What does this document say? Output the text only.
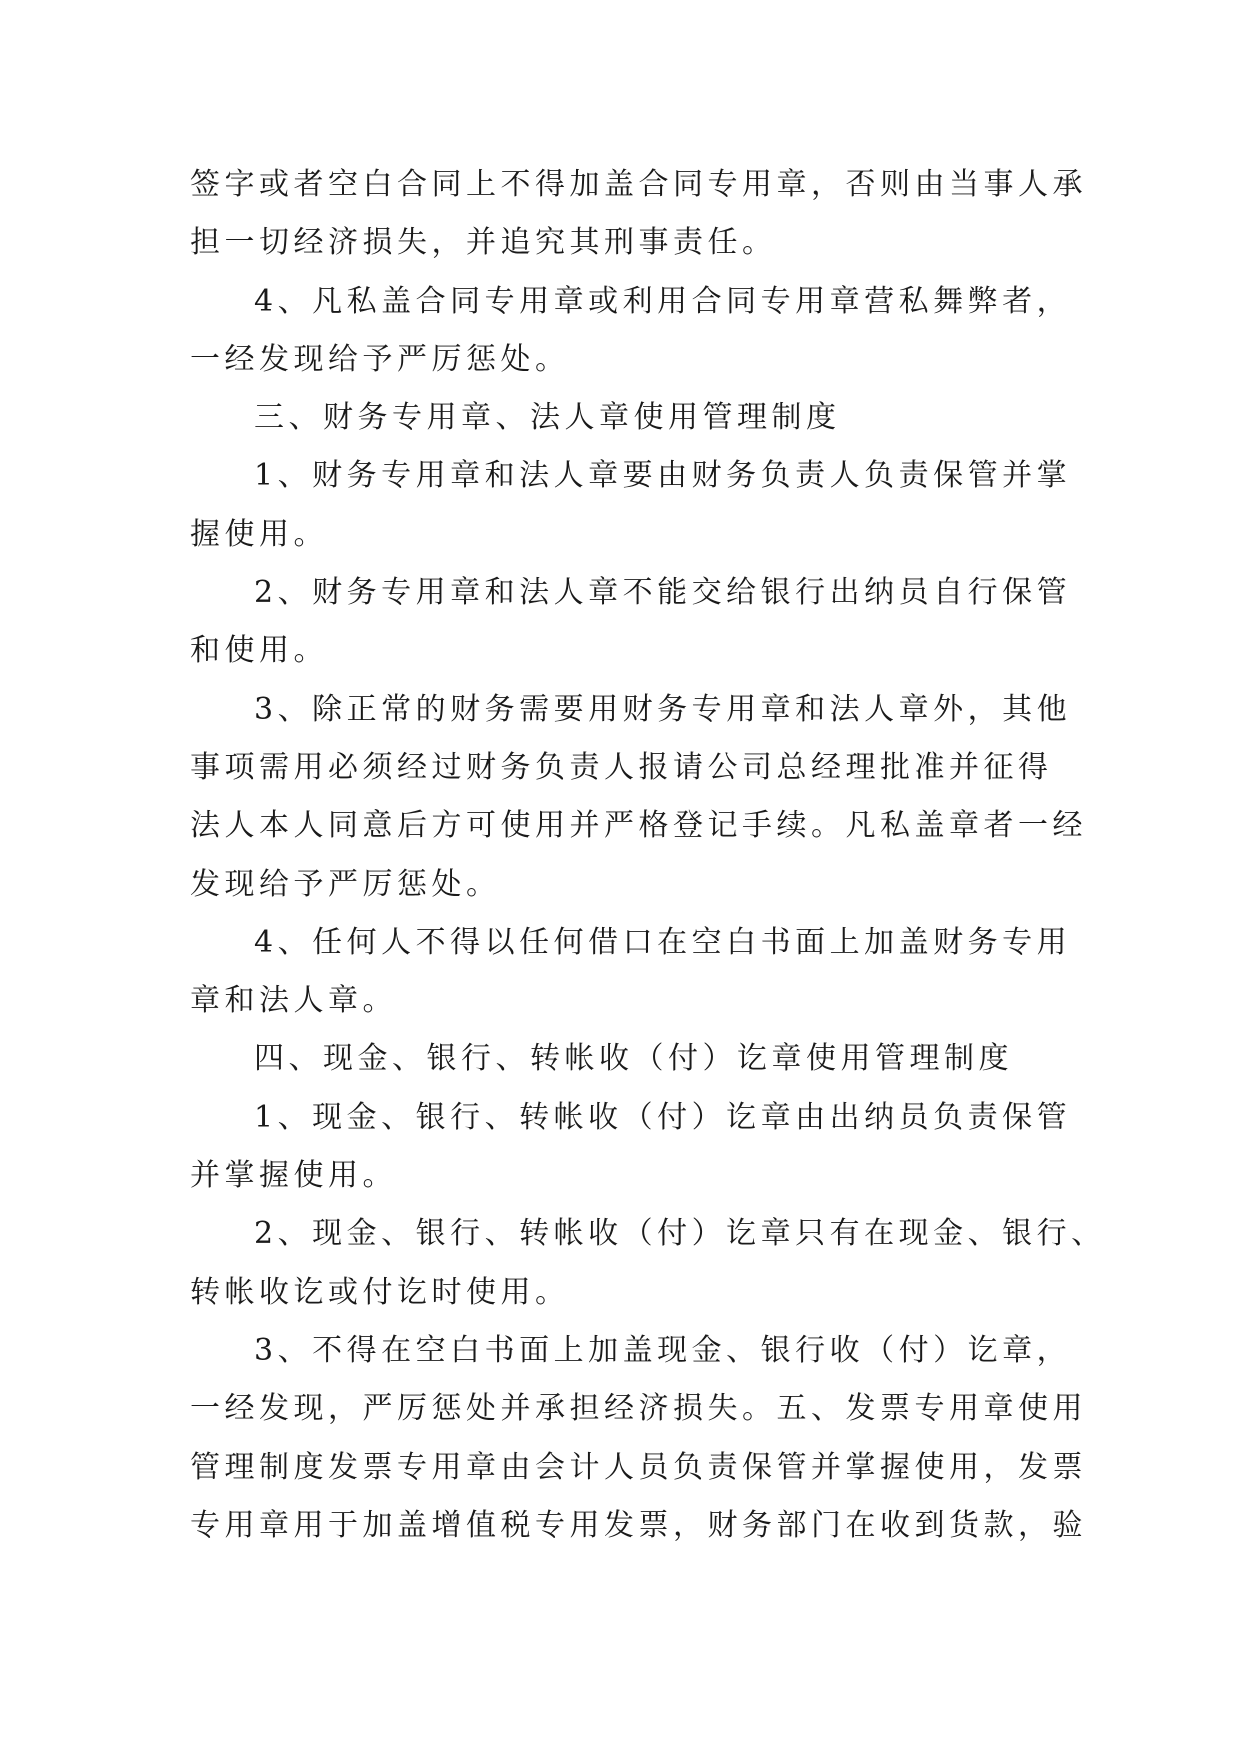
签字或者空白合同上不得加盖合同专用章，否则由当事人承
担一切经济损失，并追究其刑事责任。
4、凡私盖合同专用章或利用合同专用章营私舞弊者，
一经发现给予严厉惩处。
三、财务专用章、法人章使用管理制度
1、财务专用章和法人章要由财务负责人负责保管并掌
握使用。
2、财务专用章和法人章不能交给银行出纳员自行保管
和使用。
3、除正常的财务需要用财务专用章和法人章外，其他
事项需用必须经过财务负责人报请公司总经理批准并征得
法人本人同意后方可使用并严格登记手续。凡私盖章者一经
发现给予严厉惩处。
4、任何人不得以任何借口在空白书面上加盖财务专用
章和法人章。
四、现金、银行、转帐收（付）讫章使用管理制度
1、现金、银行、转帐收（付）讫章由出纳员负责保管
并掌握使用。
2、现金、银行、转帐收（付）讫章只有在现金、银行、
转帐收讫或付讫时使用。
3、不得在空白书面上加盖现金、银行收（付）讫章，
一经发现，严厉惩处并承担经济损失。五、发票专用章使用
管理制度发票专用章由会计人员负责保管并掌握使用，发票
专用章用于加盖增值税专用发票，财务部门在收到货款，验
